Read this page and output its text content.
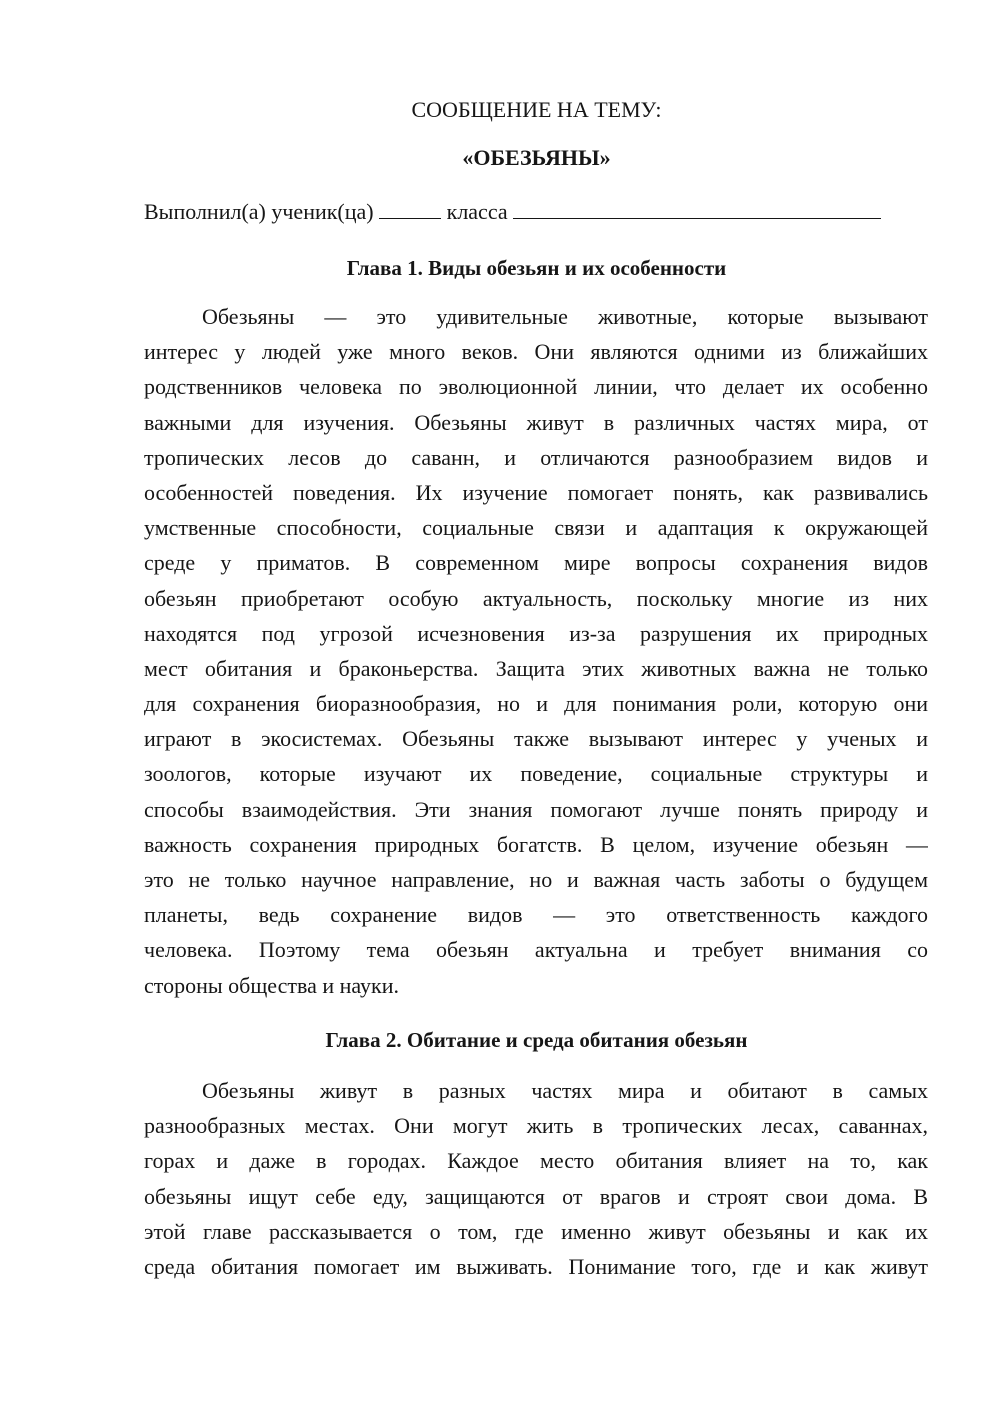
СООБЩЕНИЕ НА ТЕМУ:
«ОБЕЗЬЯНЫ»
Выполнил(а) ученик(ца)	класса
Глава 1. Виды обезьян и их особенности
Обезьяны — это удивительные животные, которые вызывают
интерес у людей уже много веков. Они являются одними из ближайших
родственников человека по эволюционной линии, что делает их особенно
важными для изучения. Обезьяны живут в различных частях мира, от
тропических лесов до саванн, и отличаются разнообразием видов и
особенностей поведения. Их изучение помогает понять, как развивались
умственные способности, социальные связи и адаптация к окружающей
среде у приматов. В современном мире вопросы сохранения видов
обезьян приобретают особую актуальность, поскольку многие из них
находятся под угрозой исчезновения из-за разрушения их природных
мест обитания и браконьерства. Защита этих животных важна не только
для сохранения биоразнообразия, но и для понимания роли, которую они
играют в экосистемах. Обезьяны также вызывают интерес у ученых и
зоологов, которые изучают их поведение, социальные структуры и
способы взаимодействия. Эти знания помогают лучше понять природу и
важность сохранения природных богатств. В целом, изучение обезьян —
это не только научное направление, но и важная часть заботы о будущем
планеты, ведь сохранение видов — это ответственность каждого
человека. Поэтому тема обезьян актуальна и требует внимания со
стороны общества и науки.
Глава 2. Обитание и среда обитания обезьян
Обезьяны живут в разных частях мира и обитают в самых
разнообразных местах. Они могут жить в тропических лесах, саваннах,
горах и даже в городах. Каждое место обитания влияет на то, как
обезьяны ищут себе еду, защищаются от врагов и строят свои дома. В
этой главе рассказывается о том, где именно живут обезьяны и как их
среда обитания помогает им выживать. Понимание того, где и как живут
